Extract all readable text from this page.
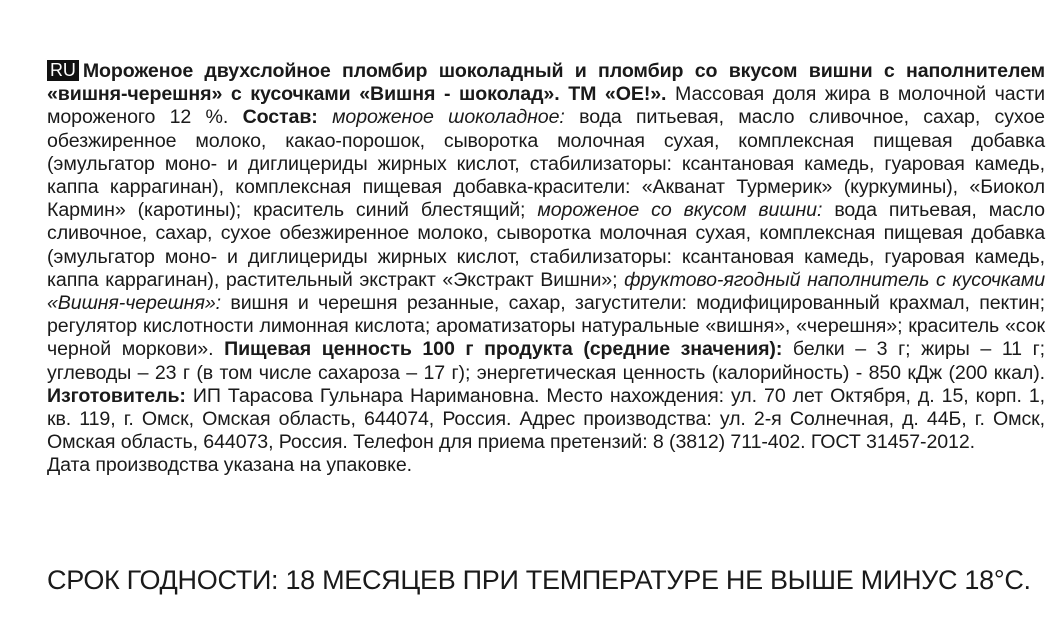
RU Мороженое двухслойное пломбир шоколадный и пломбир со вкусом вишни с наполнителем «вишня-черешня» с кусочками «Вишня - шоколад». ТМ «ОЕ!». Массовая доля жира в молочной части мороженого 12 %. Состав: мороженое шоколадное: вода питьевая, масло сливочное, сахар, сухое обезжиренное молоко, какао-порошок, сыворотка молочная сухая, комплексная пищевая добавка (эмульгатор моно- и диглицериды жирных кислот, стабилизаторы: ксантановая камедь, гуаровая камедь, каппа каррагинан), комплексная пищевая добавка-красители: «Акванат Турмерик» (куркумины), «Биокол Кармин» (каротины); краситель синий блестящий; мороженое со вкусом вишни: вода питьевая, масло сливочное, сахар, сухое обезжиренное молоко, сыворотка молочная сухая, комплексная пищевая добавка (эмульгатор моно- и диглицериды жирных кислот, стабилизаторы: ксантановая камедь, гуаровая камедь, каппа каррагинан), растительный экстракт «Экстракт Вишни»; фруктово-ягодный наполнитель с кусочками «Вишня-черешня»: вишня и черешня резанные, сахар, загустители: модифицированный крахмал, пектин; регулятор кислотности лимонная кислота; ароматизаторы натуральные «вишня», «черешня»; краситель «сок черной моркови». Пищевая ценность 100 г продукта (средние значения): белки – 3 г; жиры – 11 г; углеводы – 23 г (в том числе сахароза – 17 г); энергетическая ценность (калорийность) - 850 кДж (200 ккал). Изготовитель: ИП Тарасова Гульнара Наримановна. Место нахождения: ул. 70 лет Октября, д. 15, корп. 1, кв. 119, г. Омск, Омская область, 644074, Россия. Адрес производства: ул. 2-я Солнечная, д. 44Б, г. Омск, Омская область, 644073, Россия. Телефон для приема претензий: 8 (3812) 711-402. ГОСТ 31457-2012.
Дата производства указана на упаковке.
СРОК ГОДНОСТИ: 18 МЕСЯЦЕВ ПРИ ТЕМПЕРАТУРЕ НЕ ВЫШЕ МИНУС 18°С.
